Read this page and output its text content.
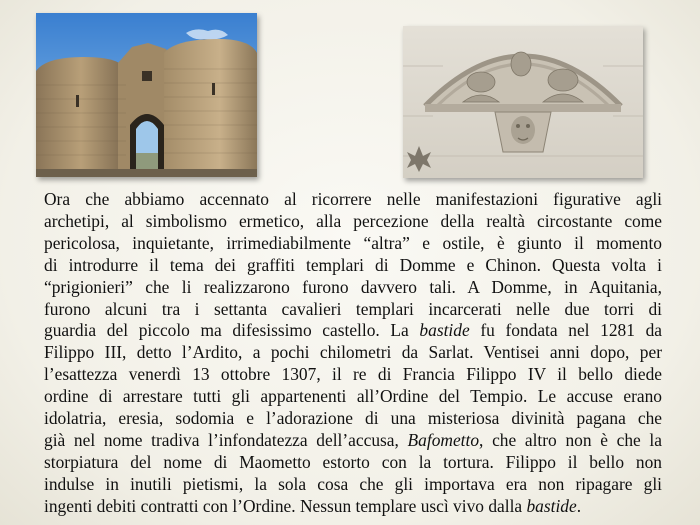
Ora che abbiamo accennato al ricorrere nelle manifestazioni figurative agli
archetipi, al simbolismo ermetico, alla percezione della realtà circostante come
pericolosa, inquietante, irrimediabilmente “altra” e ostile, è giunto il momento
di introdurre il tema dei graffiti templari di Domme e Chinon. Questa volta i
“prigionieri” che li realizzarono furono davvero tali. A Domme, in Aquitania,
furono alcuni tra i settanta cavalieri templari incarcerati nelle due torri di
guardia del piccolo ma difesissimo castello. La bastide fu fondata nel 1281 da
Filippo III, detto l’Ardito, a pochi chilometri da Sarlat. Ventisei anni dopo, per
l’esattezza venerdì 13 ottobre 1307, il re di Francia Filippo IV il bello diede
ordine di arrestare tutti gli appartenenti all’Ordine del Tempio. Le accuse erano
idolatria, eresia, sodomia e l’adorazione di una misteriosa divinità pagana che
già nel nome tradiva l’infondatezza dell’accusa, Bafometto, che altro non è che la
storpiatura del nome di Maometto estorto con la tortura. Filippo il bello non
indulse in inutili pietismi, la sola cosa che gli importava era non ripagare gli
ingenti debiti contratti con l’Ordine. Nessun templare uscì vivo dalla bastide.
